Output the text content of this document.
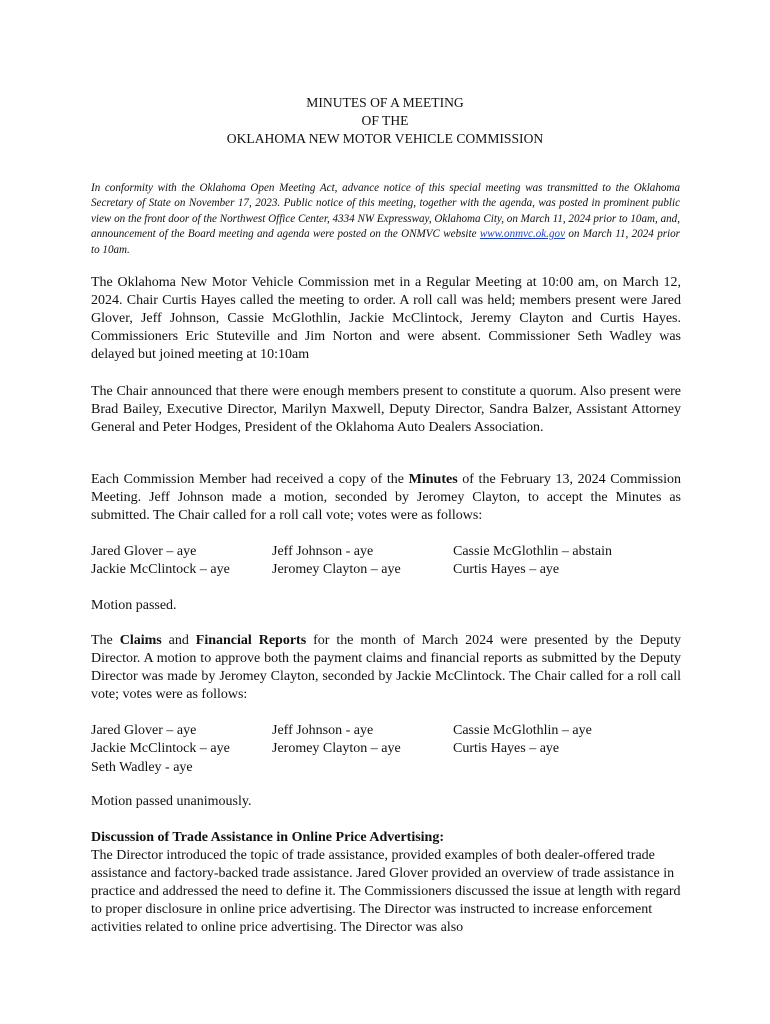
MINUTES OF A MEETING
OF THE
OKLAHOMA NEW MOTOR VEHICLE COMMISSION

In conformity with the Oklahoma Open Meeting Act, advance notice of this special meeting was transmitted to the Oklahoma Secretary of State on November 17, 2023. Public notice of this meeting, together with the agenda, was posted in prominent public view on the front door of the Northwest Office Center, 4334 NW Expressway, Oklahoma City, on March 11, 2024 prior to 10am, and, announcement of the Board meeting and agenda were posted on the ONMVC website www.onmvc.ok.gov on March 11, 2024 prior to 10am.

The Oklahoma New Motor Vehicle Commission met in a Regular Meeting at 10:00 am, on March 12, 2024. Chair Curtis Hayes called the meeting to order. A roll call was held; members present were Jared Glover, Jeff Johnson, Cassie McGlothlin, Jackie McClintock, Jeremy Clayton and Curtis Hayes. Commissioners Eric Stuteville and Jim Norton and were absent. Commissioner Seth Wadley was delayed but joined meeting at 10:10am

The Chair announced that there were enough members present to constitute a quorum. Also present were Brad Bailey, Executive Director, Marilyn Maxwell, Deputy Director, Sandra Balzer, Assistant Attorney General and Peter Hodges, President of the Oklahoma Auto Dealers Association.

Each Commission Member had received a copy of the Minutes of the February 13, 2024 Commission Meeting. Jeff Johnson made a motion, seconded by Jeromey Clayton, to accept the Minutes as submitted. The Chair called for a roll call vote; votes were as follows:

Jared Glover – aye	Jeff Johnson - aye	Cassie McGlothlin – abstain
Jackie McClintock – aye	Jeromey Clayton – aye	Curtis Hayes – aye

Motion passed.

The Claims and Financial Reports for the month of March 2024 were presented by the Deputy Director. A motion to approve both the payment claims and financial reports as submitted by the Deputy Director was made by Jeromey Clayton, seconded by Jackie McClintock. The Chair called for a roll call vote; votes were as follows:

Jared Glover – aye	Jeff Johnson - aye	Cassie McGlothlin – aye
Jackie McClintock – aye	Jeromey Clayton – aye	Curtis Hayes – aye
Seth Wadley - aye

Motion passed unanimously.

Discussion of Trade Assistance in Online Price Advertising:

The Director introduced the topic of trade assistance, provided examples of both dealer-offered trade assistance and factory-backed trade assistance. Jared Glover provided an overview of trade assistance in practice and addressed the need to define it. The Commissioners discussed the issue at length with regard to proper disclosure in online price advertising. The Director was instructed to increase enforcement activities related to online price advertising. The Director was also
